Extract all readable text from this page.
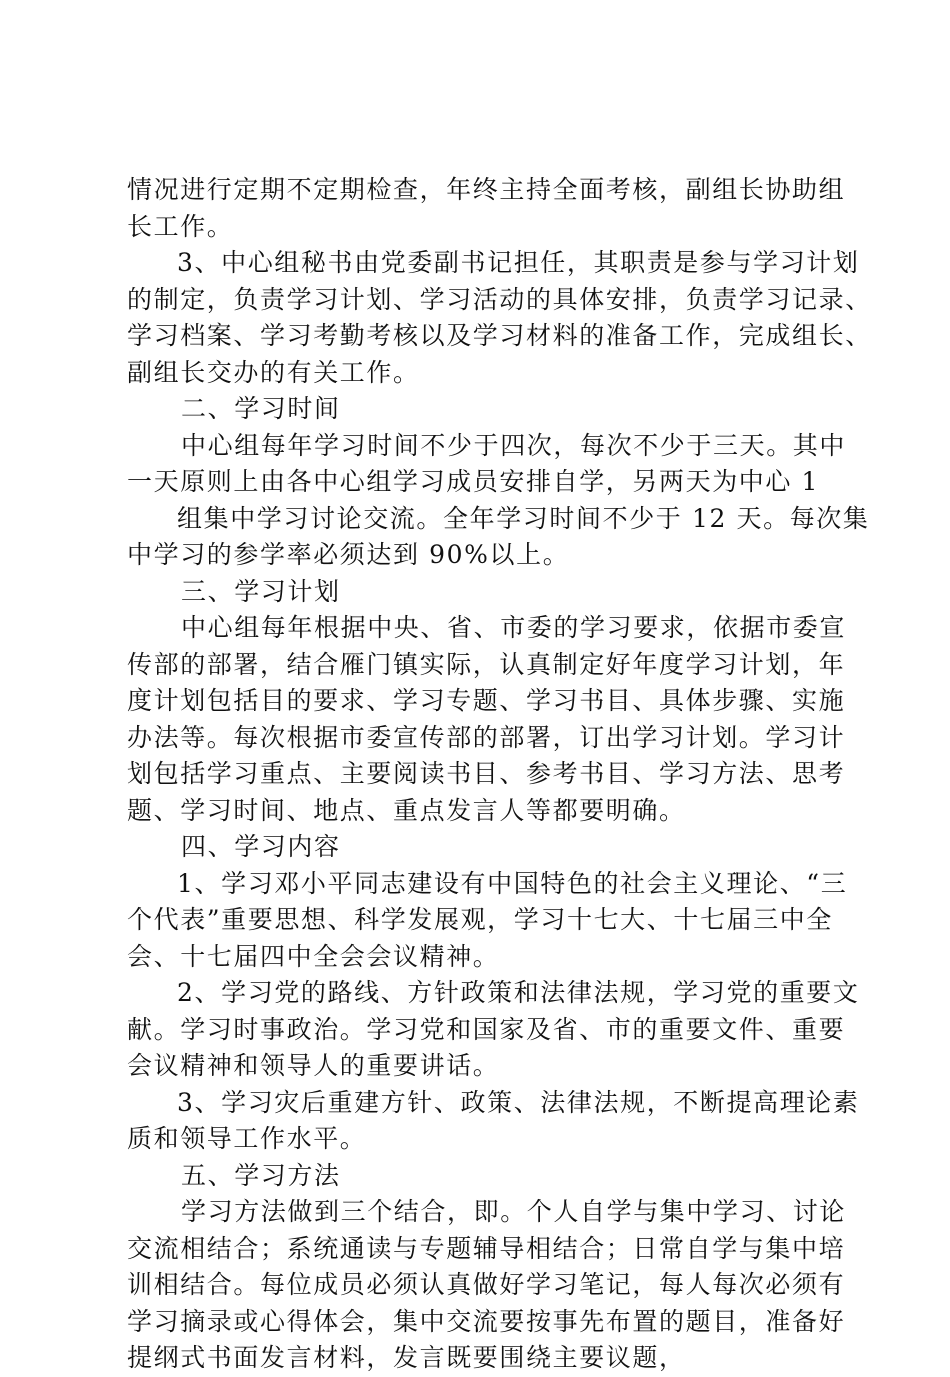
情况进行定期不定期检查，年终主持全面考核，副组长协助组
长工作。
3、中心组秘书由党委副书记担任，其职责是参与学习计划
的制定，负责学习计划、学习活动的具体安排，负责学习记录、
学习档案、学习考勤考核以及学习材料的准备工作，完成组长、
副组长交办的有关工作。
二、学习时间
中心组每年学习时间不少于四次，每次不少于三天。其中
一天原则上由各中心组学习成员安排自学，另两天为中心 1
组集中学习讨论交流。全年学习时间不少于 12 天。每次集
中学习的参学率必须达到 90%以上。
三、学习计划
中心组每年根据中央、省、市委的学习要求，依据市委宣
传部的部署，结合雁门镇实际，认真制定好年度学习计划，年
度计划包括目的要求、学习专题、学习书目、具体步骤、实施
办法等。每次根据市委宣传部的部署，订出学习计划。学习计
划包括学习重点、主要阅读书目、参考书目、学习方法、思考
题、学习时间、地点、重点发言人等都要明确。
四、学习内容
1、学习邓小平同志建设有中国特色的社会主义理论、“三
个代表”重要思想、科学发展观，学习十七大、十七届三中全
会、十七届四中全会会议精神。
2、学习党的路线、方针政策和法律法规，学习党的重要文
献。学习时事政治。学习党和国家及省、市的重要文件、重要
会议精神和领导人的重要讲话。
3、学习灾后重建方针、政策、法律法规，不断提高理论素
质和领导工作水平。
五、学习方法
学习方法做到三个结合，即。个人自学与集中学习、讨论
交流相结合；系统通读与专题辅导相结合；日常自学与集中培
训相结合。每位成员必须认真做好学习笔记，每人每次必须有
学习摘录或心得体会，集中交流要按事先布置的题目，准备好
提纲式书面发言材料，发言既要围绕主要议题，
